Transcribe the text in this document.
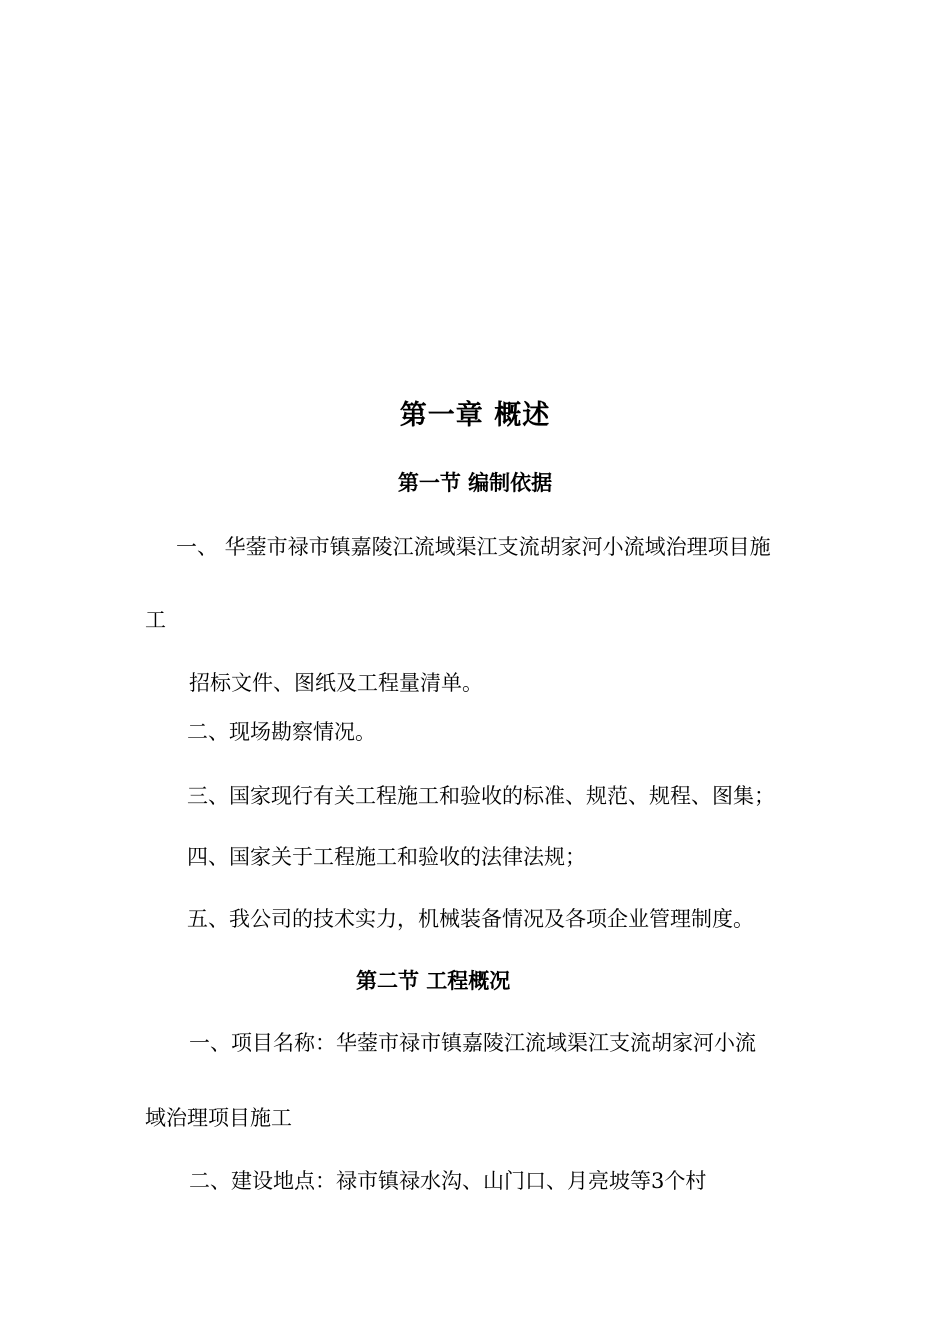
第一章 概述
第一节 编制依据
一、 华蓥市禄市镇嘉陵江流域渠江支流胡家河小流域治理项目施
工
招标文件、图纸及工程量清单。
二、现场勘察情况。
三、国家现行有关工程施工和验收的标准、规范、规程、图集；
四、国家关于工程施工和验收的法律法规；
五、我公司的技术实力，机械装备情况及各项企业管理制度。
第二节 工程概况
一、项目名称：华蓥市禄市镇嘉陵江流域渠江支流胡家河小流
域治理项目施工
二、建设地点：禄市镇禄水沟、山门口、月亮坡等3个村
